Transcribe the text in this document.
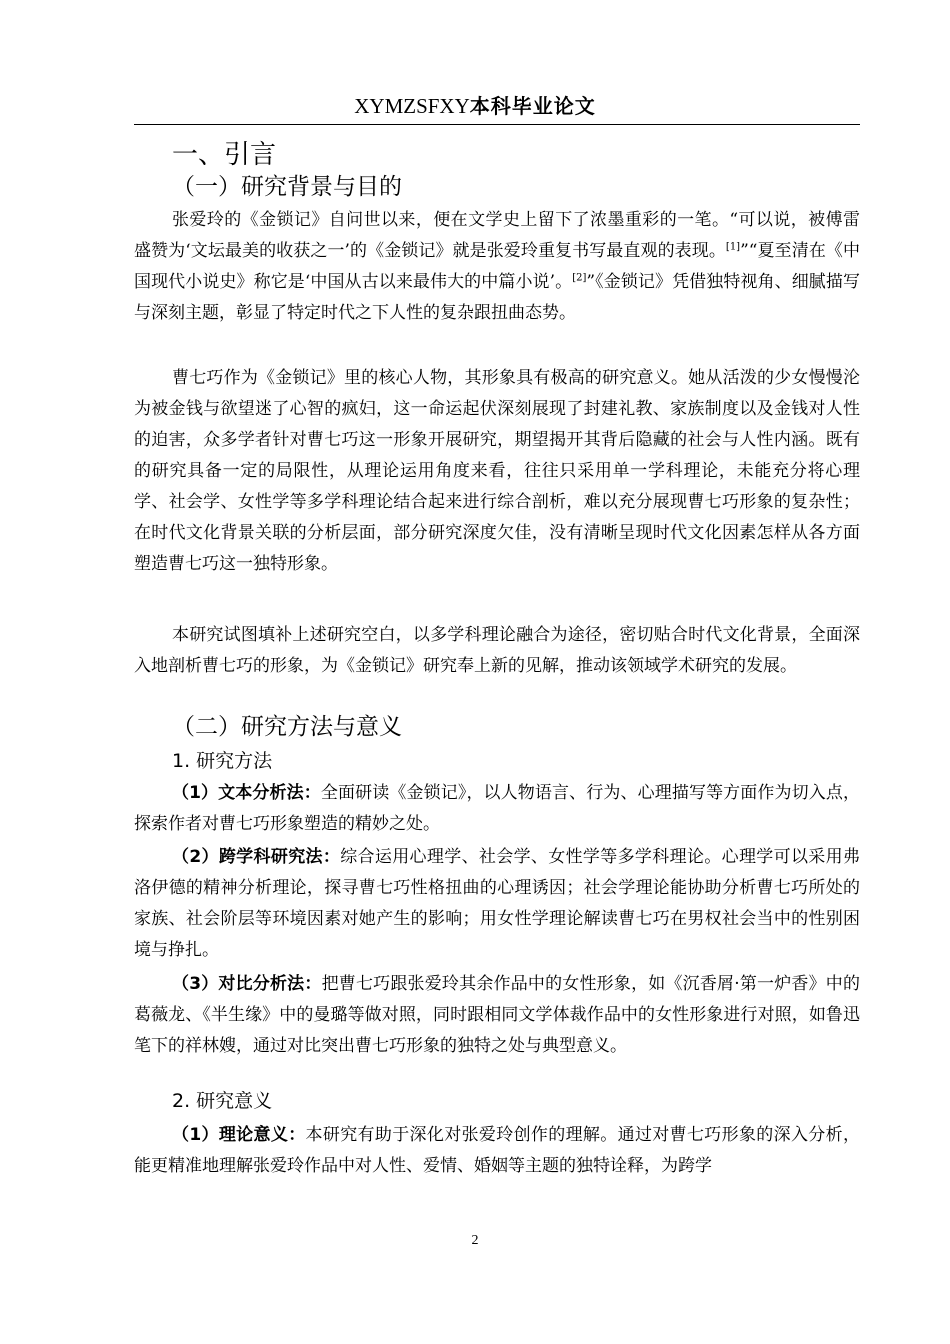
XYMZSFXY本科毕业论文
一、引言
（一）研究背景与目的

张爱玲的《金锁记》自问世以来，便在文学史上留下了浓墨重彩的一笔。“可以说，被傅雷盛赞为‘文坛最美的收获之一’的《金锁记》就是张爱玲重复书写最直观的表现。[1]”“夏至清在《中国现代小说史》称它是‘中国从古以来最伟大的中篇小说’。[2]”《金锁记》凭借独特视角、细腻描写与深刻主题，彰显了特定时代之下人性的复杂跟扭曲态势。

曹七巧作为《金锁记》里的核心人物，其形象具有极高的研究意义。她从活泼的少女慢慢沦为被金钱与欲望迷了心智的疯妇，这一命运起伏深刻展现了封建礼教、家族制度以及金钱对人性的迫害，众多学者针对曹七巧这一形象开展研究，期望揭开其背后隐藏的社会与人性内涵。既有的研究具备一定的局限性，从理论运用角度来看，往往只采用单一学科理论，未能充分将心理学、社会学、女性学等多学科理论结合起来进行综合剖析，难以充分展现曹七巧形象的复杂性；在时代文化背景关联的分析层面，部分研究深度欠佳，没有清晰呈现时代文化因素怎样从各方面塑造曹七巧这一独特形象。

本研究试图填补上述研究空白，以多学科理论融合为途径，密切贴合时代文化背景，全面深入地剖析曹七巧的形象，为《金锁记》研究奉上新的见解，推动该领域学术研究的发展。

（二）研究方法与意义
1. 研究方法

（1）文本分析法：全面研读《金锁记》，以人物语言、行为、心理描写等方面作为切入点，探索作者对曹七巧形象塑造的精妙之处。

（2）跨学科研究法：综合运用心理学、社会学、女性学等多学科理论。心理学可以采用弗洛伊德的精神分析理论，探寻曹七巧性格扭曲的心理诱因；社会学理论能协助分析曹七巧所处的家族、社会阶层等环境因素对她产生的影响；用女性学理论解读曹七巧在男权社会当中的性别困境与挣扎。

（3）对比分析法：把曹七巧跟张爱玲其余作品中的女性形象，如《沉香屑·第一炉香》中的葛薇龙、《半生缘》中的曼璐等做对照，同时跟相同文学体裁作品中的女性形象进行对照，如鲁迅笔下的祥林嫂，通过对比突出曹七巧形象的独特之处与典型意义。

2. 研究意义

（1）理论意义：本研究有助于深化对张爱玲创作的理解。通过对曹七巧形象的深入分析，能更精准地理解张爱玲作品中对人性、爱情、婚姻等主题的独特诠释，为跨学

2
